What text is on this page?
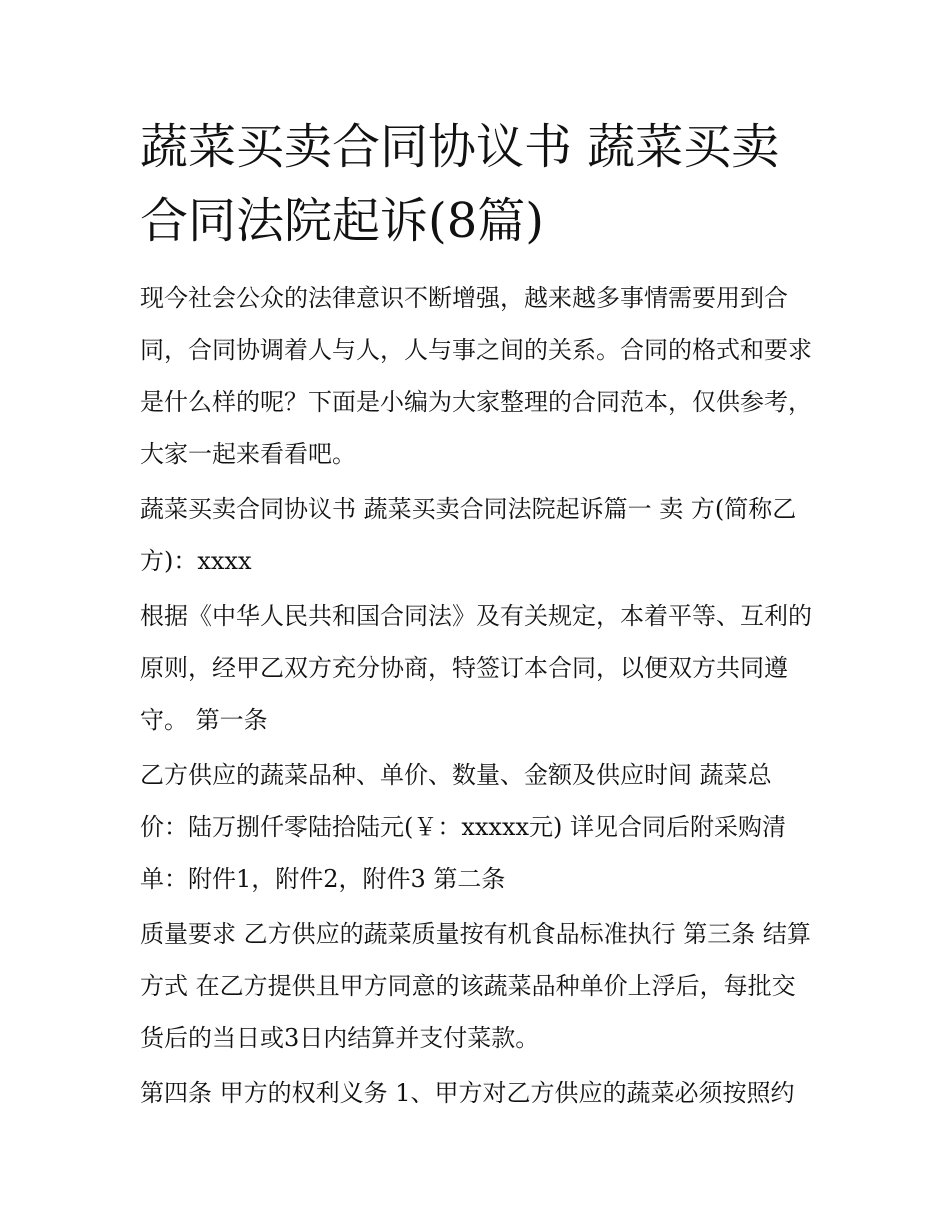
蔬菜买卖合同协议书 蔬菜买卖合同法院起诉(8篇)

现今社会公众的法律意识不断增强，越来越多事情需要用到合同，合同协调着人与人，人与事之间的关系。合同的格式和要求是什么样的呢？下面是小编为大家整理的合同范本，仅供参考，大家一起来看看吧。

蔬菜买卖合同协议书 蔬菜买卖合同法院起诉篇一 卖 方(简称乙方)：xxxx

根据《中华人民共和国合同法》及有关规定，本着平等、互利的原则，经甲乙双方充分协商，特签订本合同，以便双方共同遵守。 第一条

乙方供应的蔬菜品种、单价、数量、金额及供应时间 蔬菜总价：陆万捌仟零陆拾陆元(￥：xxxxx元) 详见合同后附采购清单：附件1，附件2，附件3 第二条

质量要求 乙方供应的蔬菜质量按有机食品标准执行 第三条 结算方式 在乙方提供且甲方同意的该蔬菜品种单价上浮后，每批交货后的当日或3日内结算并支付菜款。

第四条 甲方的权利义务 1、甲方对乙方供应的蔬菜必须按照约
